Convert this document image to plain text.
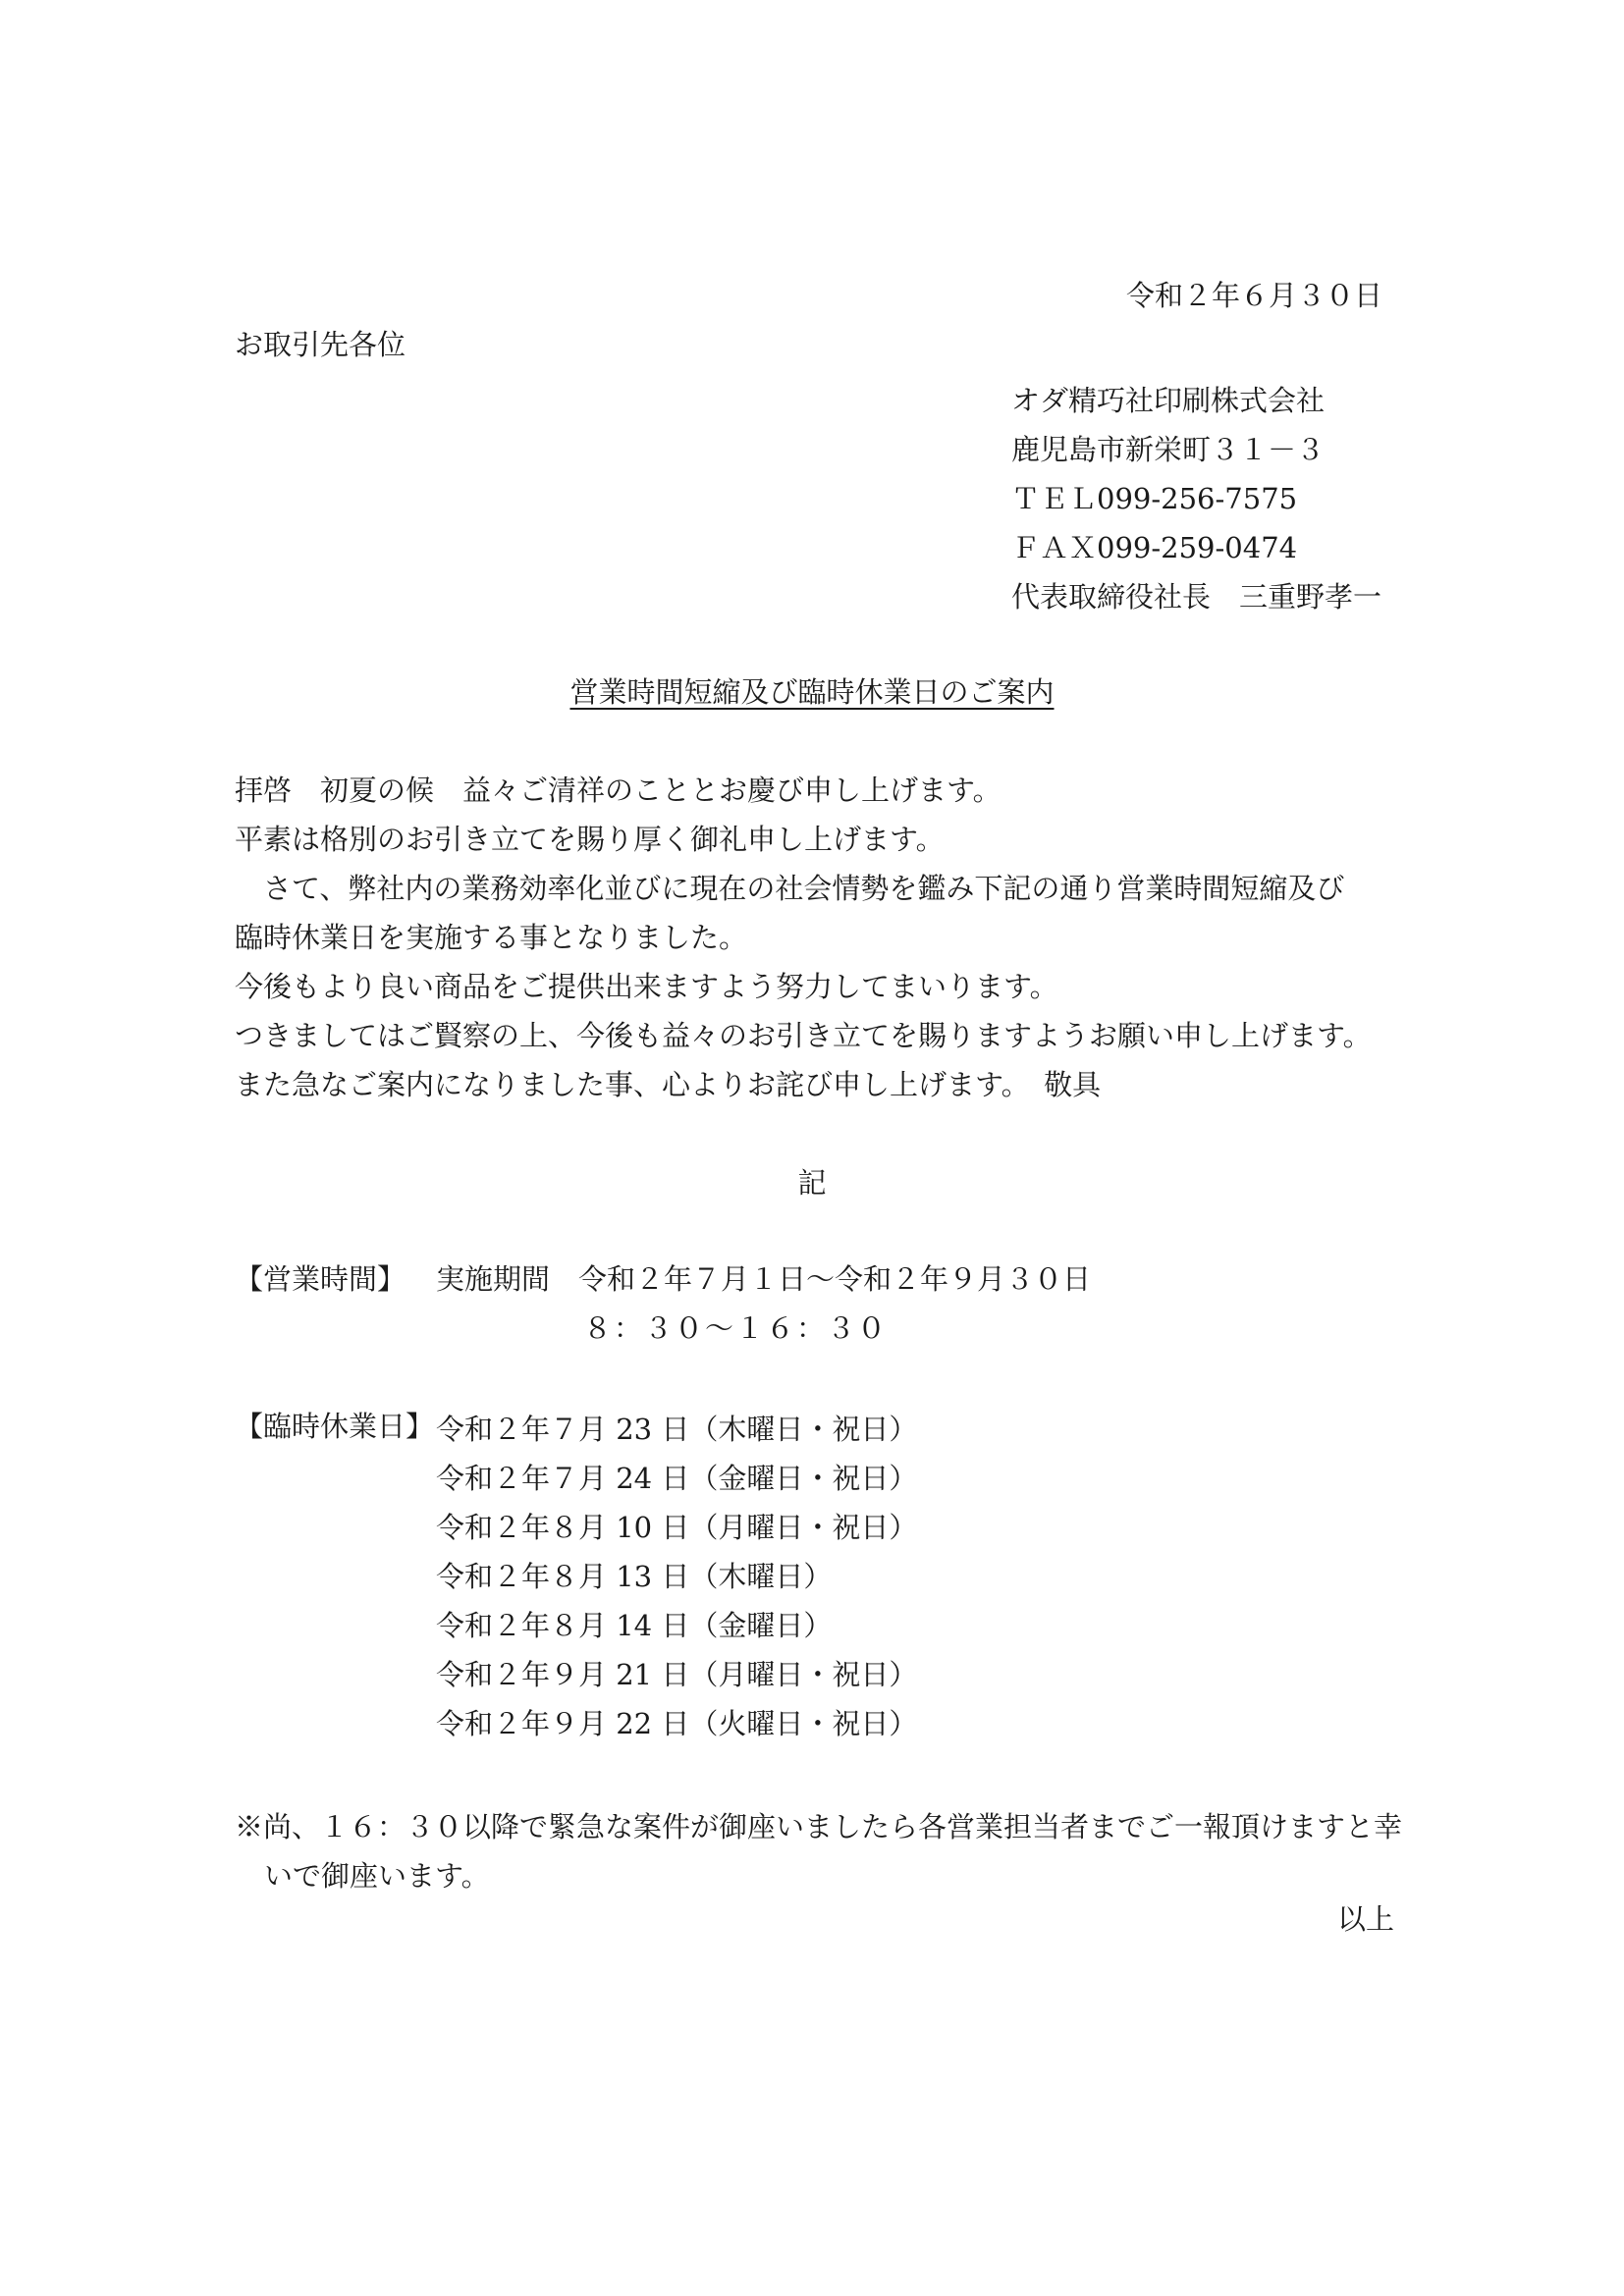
令和２年６月３０日
お取引先各位
オダ精巧社印刷株式会社
鹿児島市新栄町３１－３
ＴＥＬ099-256-7575
ＦＡＸ099-259-0474
代表取締役社長　三重野孝一
営業時間短縮及び臨時休業日のご案内
拝啓　初夏の候　益々ご清祥のこととお慶び申し上げます。
平素は格別のお引き立てを賜り厚く御礼申し上げます。
　さて、弊社内の業務効率化並びに現在の社会情勢を鑑み下記の通り営業時間短縮及び
臨時休業日を実施する事となりました。
今後もより良い商品をご提供出来ますよう努力してまいります。
つきましてはご賢察の上、今後も益々のお引き立てを賜りますようお願い申し上げます。
また急なご案内になりました事、心よりお詫び申し上げます。　敬具
記
【営業時間】 実施期間　令和２年７月１日～令和２年９月３０日
８：３０～１６：３０
【臨時休業日】 令和２年７月 23 日（木曜日・祝日）
令和２年７月 24 日（金曜日・祝日）
令和２年８月 10 日（月曜日・祝日）
令和２年８月 13 日（木曜日）
令和２年８月 14 日（金曜日）
令和２年９月 21 日（月曜日・祝日）
令和２年９月 22 日（火曜日・祝日）
※尚、１６：３０以降で緊急な案件が御座いましたら各営業担当者までご一報頂けますと幸
いで御座います。
以上
